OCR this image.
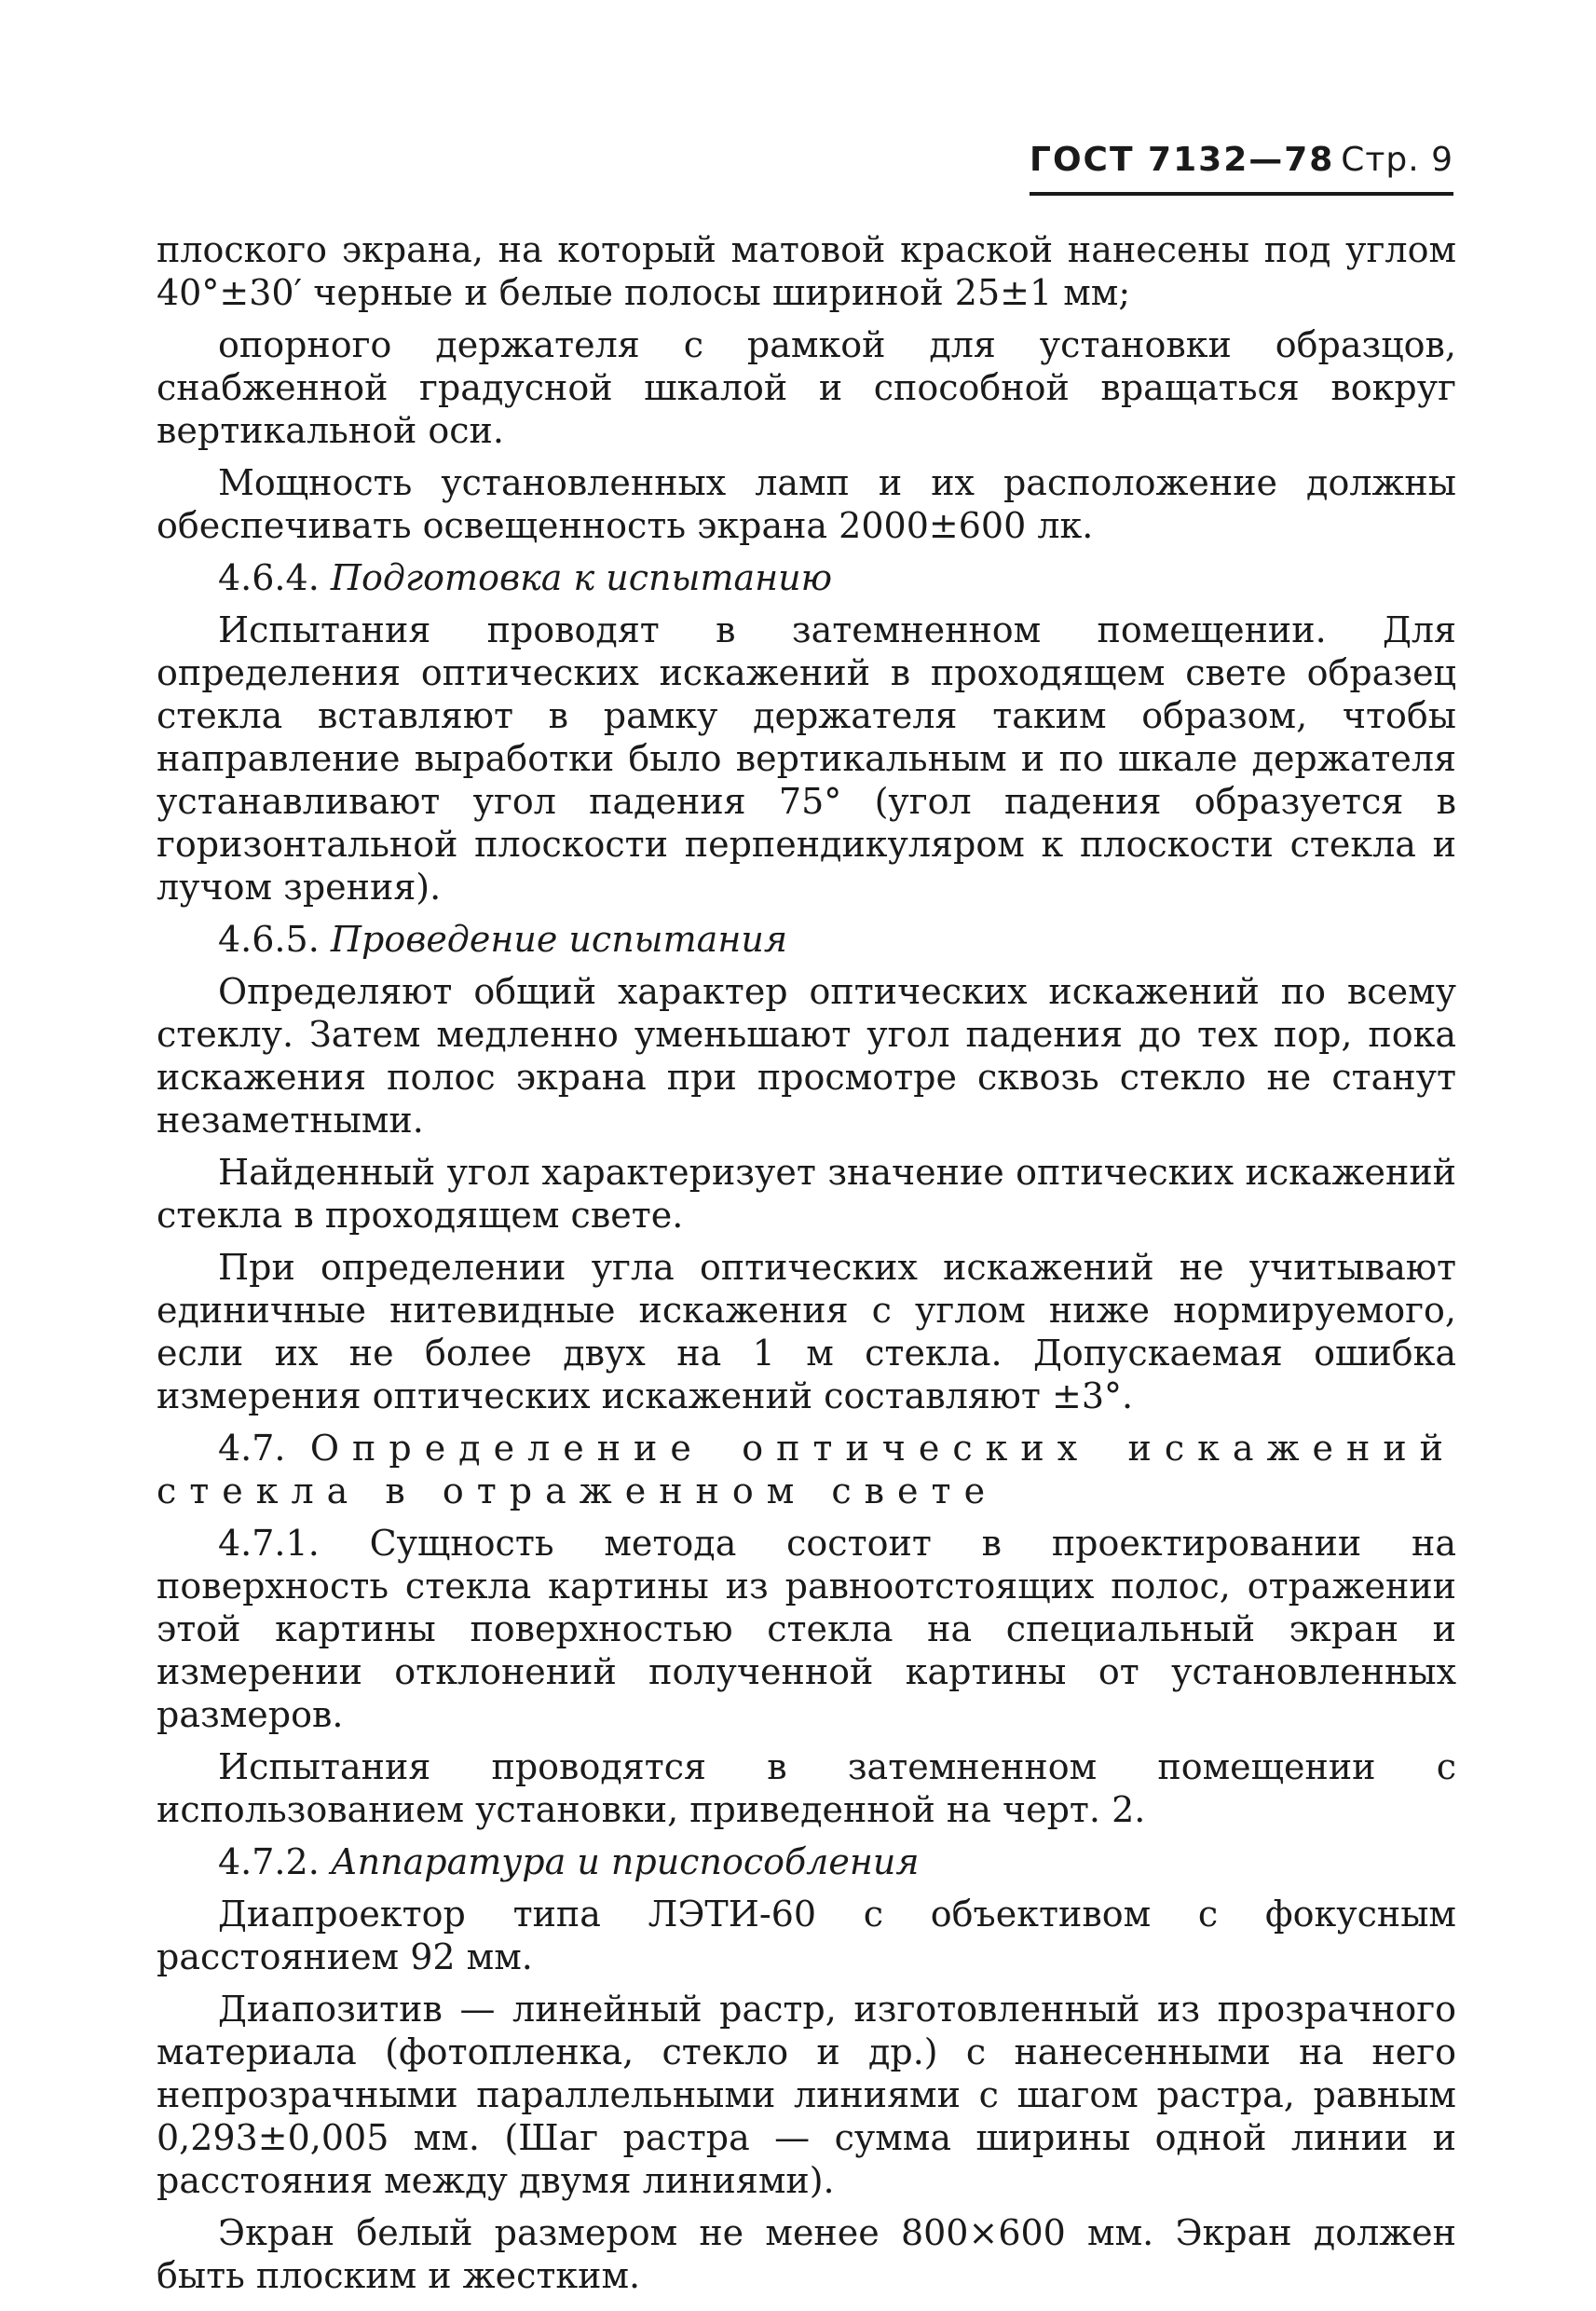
ГОСТ 7132—78 Стр. 9

плоского экрана, на который матовой краской нанесены под углом 40°±30′ черные и белые полосы шириной 25±1 мм;

опорного держателя с рамкой для установки образцов, снабженной градусной шкалой и способной вращаться вокруг вертикальной оси.

Мощность установленных ламп и их расположение должны обеспечивать освещенность экрана 2000±600 лк.

4.6.4. Подготовка к испытанию

Испытания проводят в затемненном помещении. Для определения оптических искажений в проходящем свете образец стекла вставляют в рамку держателя таким образом, чтобы направление выработки было вертикальным и по шкале держателя устанавливают угол падения 75° (угол падения образуется в горизонтальной плоскости перпендикуляром к плоскости стекла и лучом зрения).

4.6.5. Проведение испытания

Определяют общий характер оптических искажений по всему стеклу. Затем медленно уменьшают угол падения до тех пор, пока искажения полос экрана при просмотре сквозь стекло не станут незаметными.

Найденный угол характеризует значение оптических искажений стекла в проходящем свете.

При определении угла оптических искажений не учитывают единичные нитевидные искажения с углом ниже нормируемого, если их не более двух на 1 м стекла. Допускаемая ошибка измерения оптических искажений составляют ±3°.

4.7. Определение оптических искажений стекла в отраженном свете

4.7.1. Сущность метода состоит в проектировании на поверхность стекла картины из равноотстоящих полос, отражении этой картины поверхностью стекла на специальный экран и измерении отклонений полученной картины от установленных размеров.

Испытания проводятся в затемненном помещении с использованием установки, приведенной на черт. 2.

4.7.2. Аппаратура и приспособления

Диапроектор типа ЛЭТИ-60 с объективом с фокусным расстоянием 92 мм.

Диапозитив — линейный растр, изготовленный из прозрачного материала (фотопленка, стекло и др.) с нанесенными на него непрозрачными параллельными линиями с шагом растра, равным 0,293±0,005 мм. (Шаг растра — сумма ширины одной линии и расстояния между двумя линиями).

Экран белый размером не менее 800×600 мм. Экран должен быть плоским и жестким.
